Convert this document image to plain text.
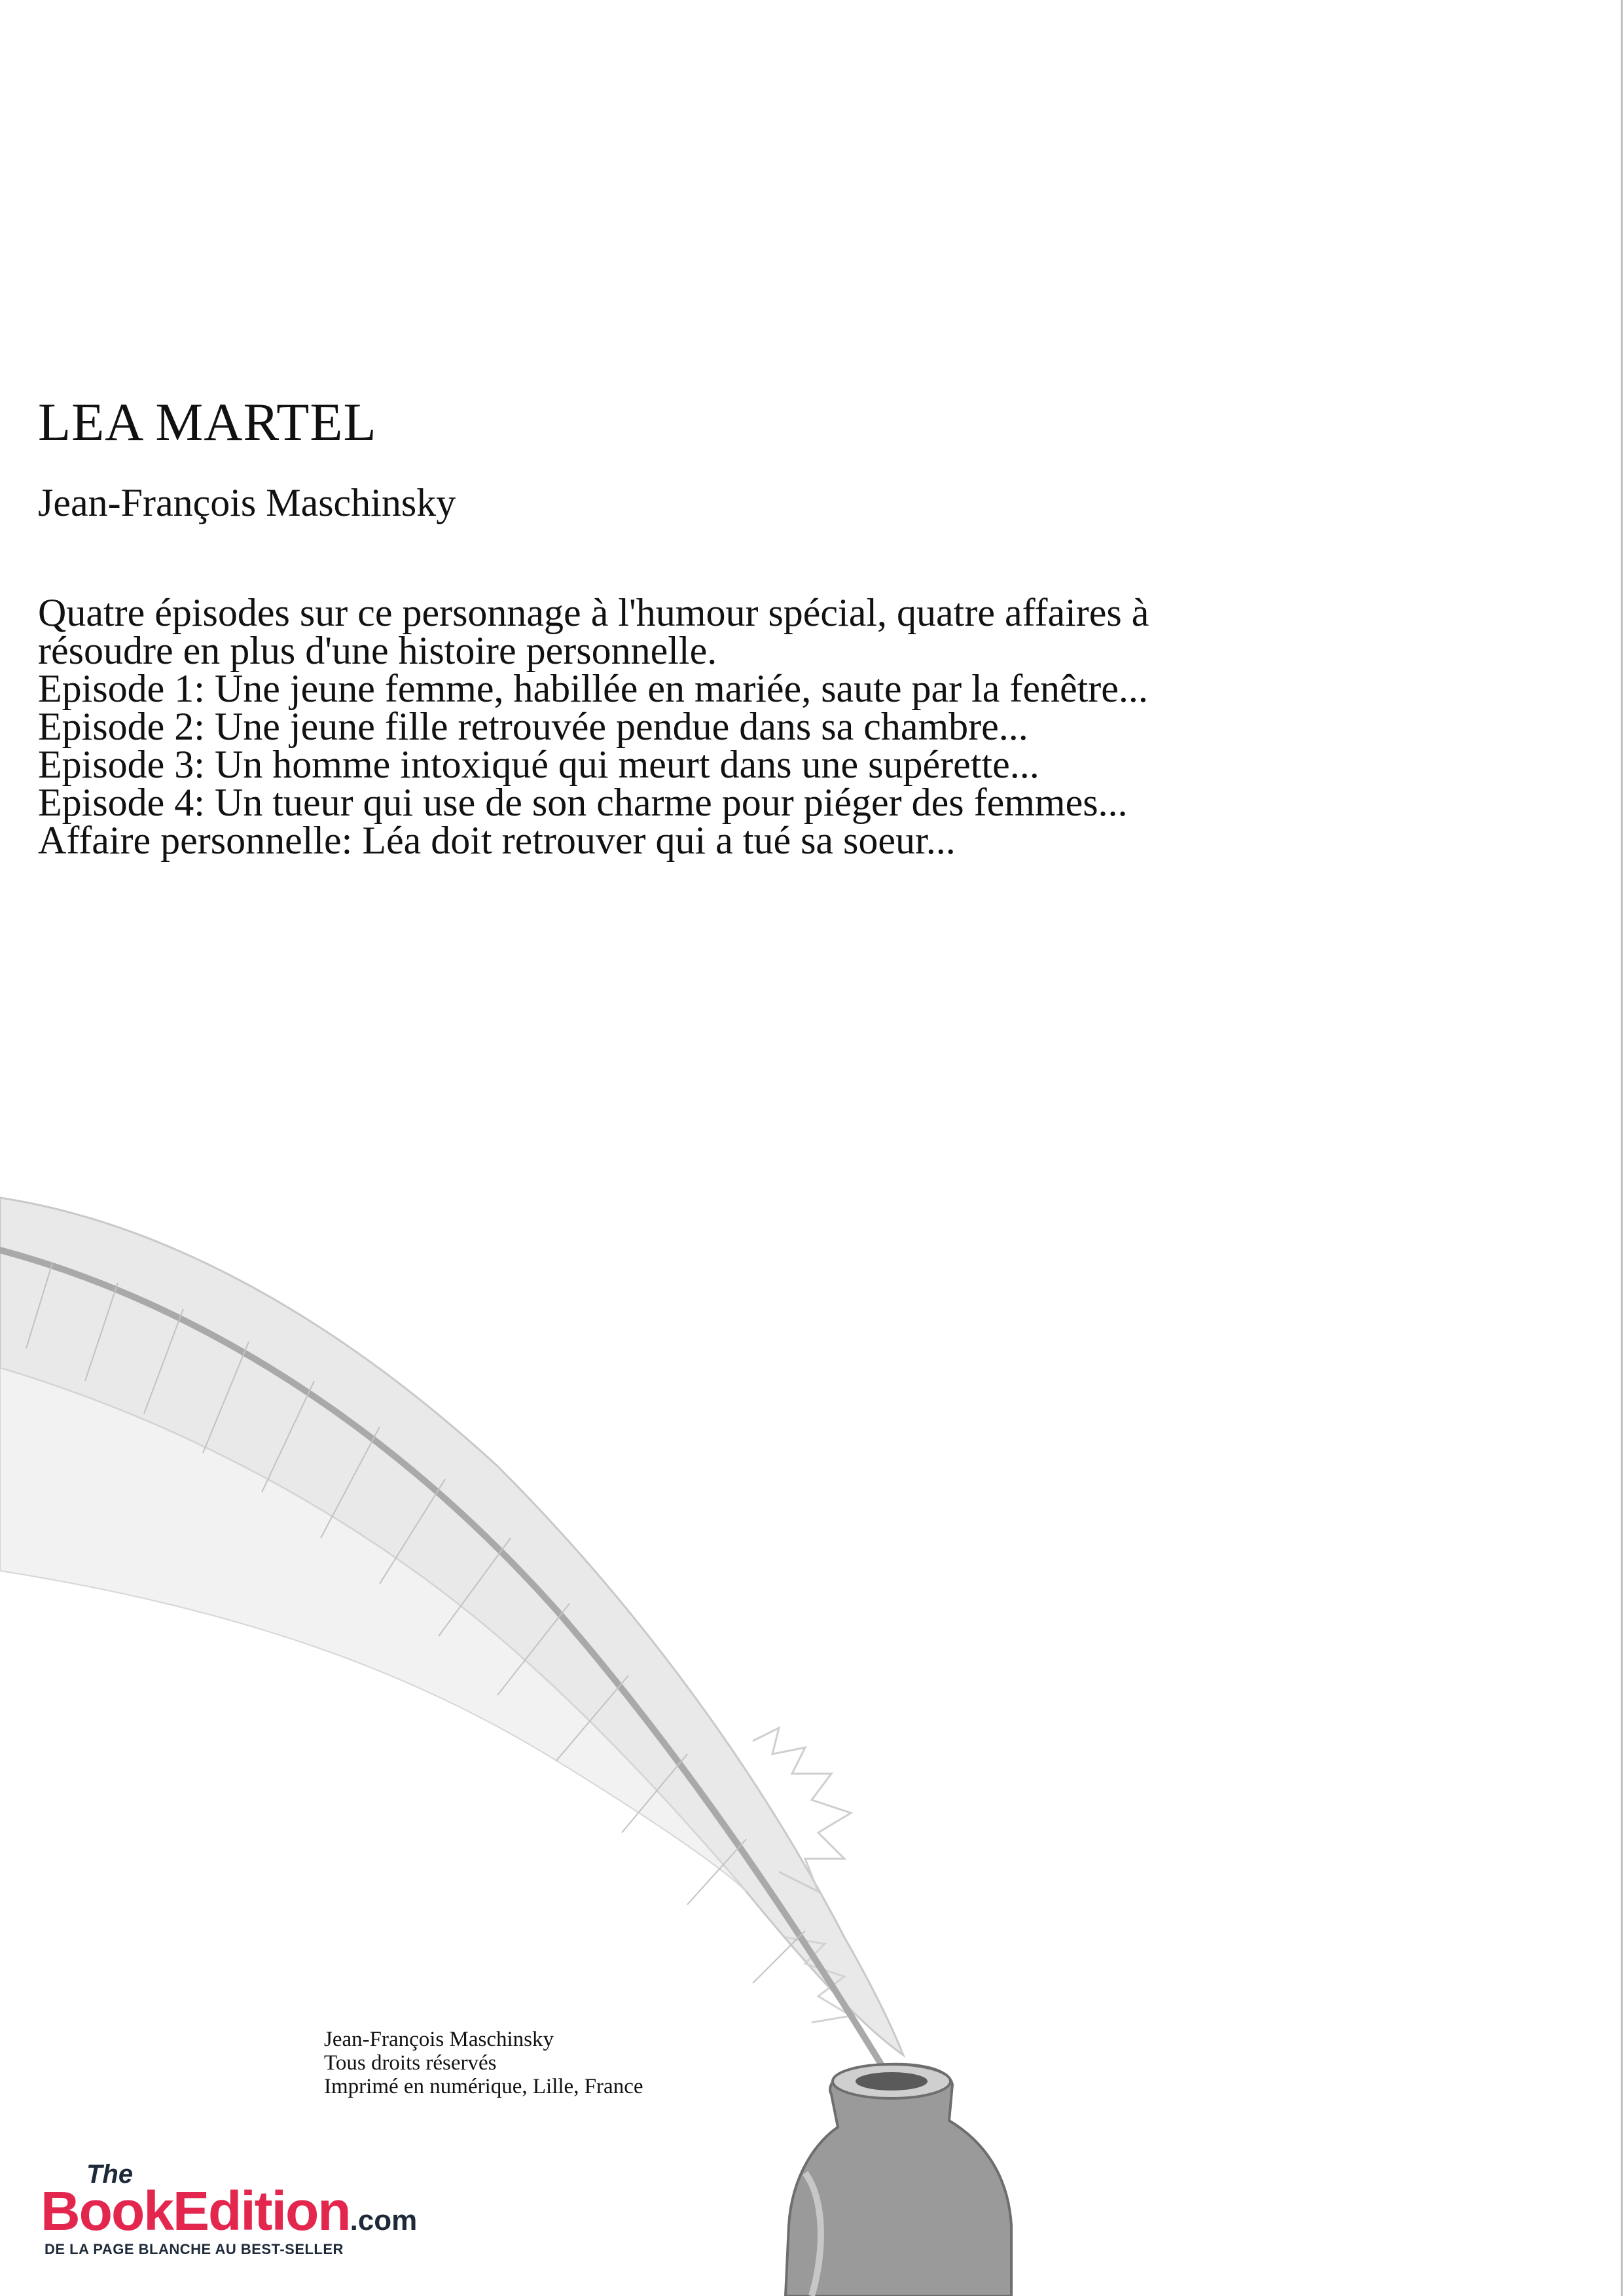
LEA MARTEL
Jean-François Maschinsky

Quatre épisodes sur ce personnage à l'humour spécial, quatre affaires à résoudre en plus d'une histoire personnelle.

Episode 1: Une jeune femme, habillée en mariée, saute par la fenêtre...

Episode 2: Une jeune fille retrouvée pendue dans sa chambre...

Episode 3: Un homme intoxiqué qui meurt dans une supérette...

Episode 4: Un tueur qui use de son charme pour piéger des femmes...

Affaire personnelle: Léa doit retrouver qui a tué sa soeur...

Jean-François Maschinsky
Tous droits réservés
Imprimé en numérique, Lille, France
The
BookEdition.com
DE LA PAGE BLANCHE AU BEST-SELLER
